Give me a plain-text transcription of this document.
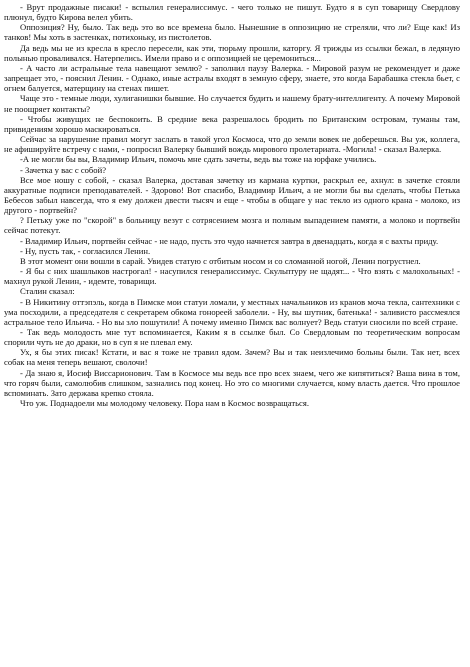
- Врут продажные писаки! - вспылил генералиссимус. - чего только не пишут. Будто я в суп товарищу Свердлову плюнул, будто Кирова велел убить.

Оппозиция? Ну, было. Так ведь это во все времена было. Нынешние в оппозицию не стреляли, что ли? Еще как! Из танков! Мы хоть в застенках, потихоньку, из пистолетов.

Да ведь мы не из кресла в кресло пересели, как эти, тюрьму прошли, каторгу. Я трижды из ссылки бежал, в ледяную полынью проваливался. Натерпелись. Имели право и с оппозицией не церемониться...

- А часто ли астральные тела навещают землю? - заполнил паузу Валерка. - Мировой разум не рекомендует и даже запрещает это, - пояснил Ленин. - Однако, иные астралы входят в земную сферу, знаете, это когда Барабашка стекла бьет, с огнем балуется, матерщину на стенах пишет.

Чаще это - темные люди, хулиганишки бывшие. Но случается будить и нашему брату-интеллигенту. А почему Мировой не поощряет контакты?

- Чтобы живущих не беспокоить. В средние века разрешалось бродить по Британским островам, туманы там, привидениям хорошо маскироваться.

Сейчас за нарушение правил могут заслать в такой угол Космоса, что до земли вовек не доберешься. Вы уж, коллега, не афишируйте встречу с нами, - попросил Валерку бывший вождь мирового пролетариата. -Могила! - сказал Валерка.

-А не могли бы вы, Владимир Ильич, помочь мне сдать зачеты, ведь вы тоже на юрфаке учились.

- Зачетка у вас с собой?

Все мое ношу с собой, - сказал Валерка, доставая зачетку из кармана куртки, раскрыл ее, ахнул: в зачетке стояли аккуратные подписи преподавателей. - Здорово! Вот спасибо, Владимир Ильич, а не могли бы вы сделать, чтобы Петька Бебесов забыл навсегда, что я ему должен двести тысяч и еще - чтобы в общаге у нас текло из одного крана - молоко, из другого - портвейн?

? Петьку уже по "скорой" в больницу везут с сотрясением мозга и полным выпадением памяти, а молоко и портвейн сейчас потекут.

- Владимир Ильич, портвейн сейчас - не надо, пусть это чудо начнется завтра в двенадцать, когда я с вахты приду.

- Ну, пусть так, - согласился Ленин.

В этот момент они вошли в сарай. Увидев статую с отбитым носом и со сломанной ногой, Ленин погрустнел.

- Я бы с них шашлыков настрогал! - насупился генералиссимус. Скульптуру не щадят... - Что взять с малохольных! - махнул рукой Ленин, - идемте, товарищи.

Сталин сказал:

- В Никитину оттэпэль, когда в Пимске мои статуи ломали, у местных начальников из кранов моча текла, сантехники с ума посходили, а председателя с секретарем обкома гонореей заболели. - Ну, вы шутник, батенька! - заливисто рассмеялся астральное тело Ильича. - Но вы зло пошутили! А почему именно Пимск вас волнует? Ведь статуи сносили по всей стране.

- Так ведь молодость мне тут вспоминается, Каким я в ссылке был. Со Свердловым по теоретическим вопросам спорили чуть не до драки, но в суп я не плевал ему.

Ух, я бы этих писак! Кстати, и вас я тоже не травил ядом. Зачем? Вы и так неизлечимо больны были. Так нет, всех собак на меня теперь вешают, сволочи!

- Да знаю я, Иосиф Виссарионович. Там в Космосе мы ведь все про всех знаем, чего же кипятиться? Ваша вина в том, что горяч были, самолюбив слишком, зазнались под конец. Но это со многими случается, кому власть дается. Что прошлое вспоминать. Зато держава крепко стояла.

Что уж. Поднадоели мы молодому человеку. Пора нам в Космос возвращаться.
